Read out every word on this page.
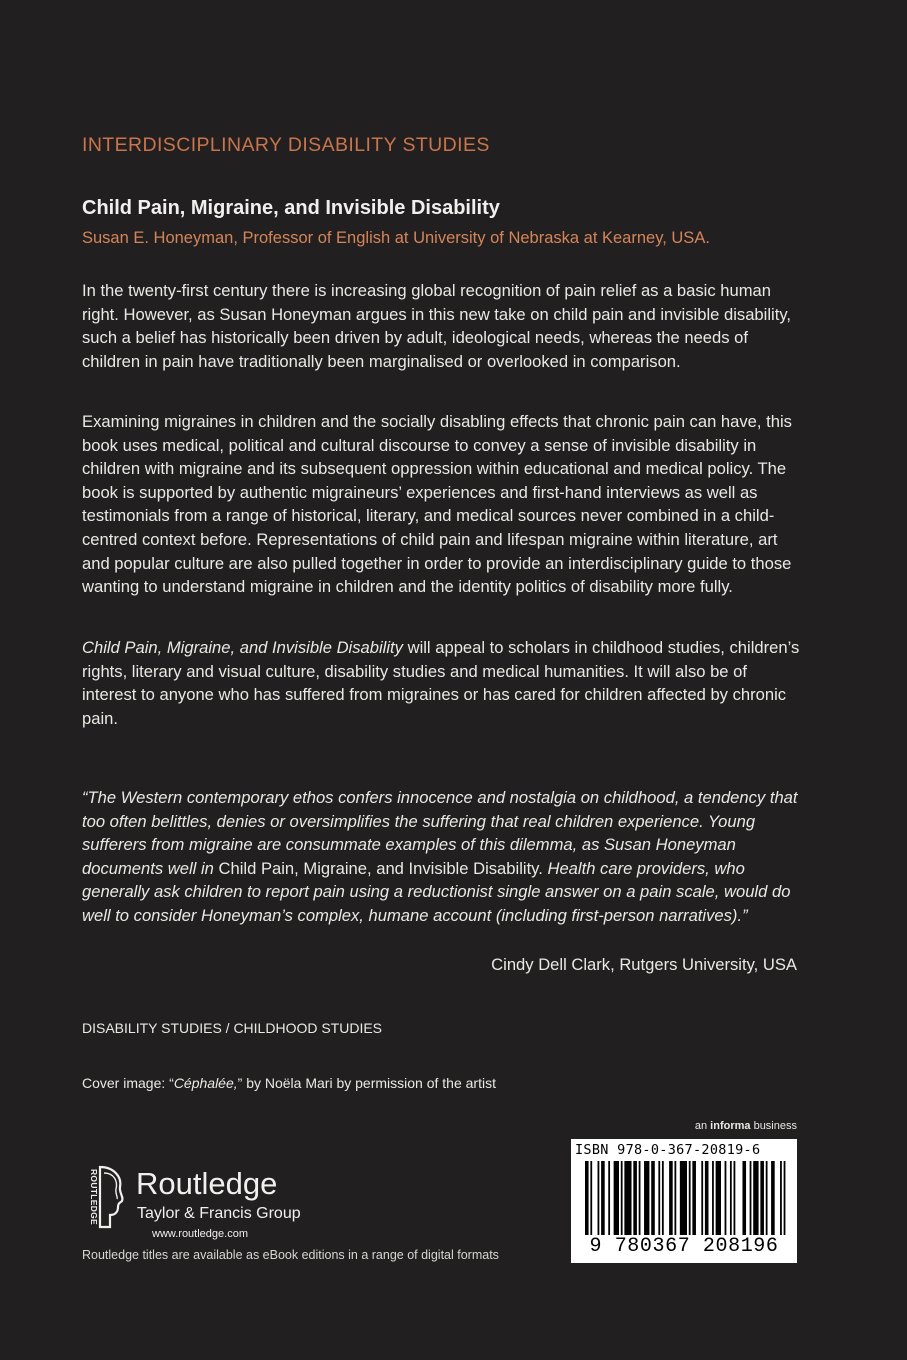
INTERDISCIPLINARY DISABILITY STUDIES
Child Pain, Migraine, and Invisible Disability
Susan E. Honeyman, Professor of English at University of Nebraska at Kearney, USA.

In the twenty-first century there is increasing global recognition of pain relief as a basic human right. However, as Susan Honeyman argues in this new take on child pain and invisible disability, such a belief has historically been driven by adult, ideological needs, whereas the needs of children in pain have traditionally been marginalised or overlooked in comparison.

Examining migraines in children and the socially disabling effects that chronic pain can have, this book uses medical, political and cultural discourse to convey a sense of invisible disability in children with migraine and its subsequent oppression within educational and medical policy. The book is supported by authentic migraineurs’ experiences and first-hand interviews as well as testimonials from a range of historical, literary, and medical sources never combined in a child-centred context before. Representations of child pain and lifespan migraine within literature, art and popular culture are also pulled together in order to provide an interdisciplinary guide to those wanting to understand migraine in children and the identity politics of disability more fully.

Child Pain, Migraine, and Invisible Disability will appeal to scholars in childhood studies, children’s rights, literary and visual culture, disability studies and medical humanities. It will also be of interest to anyone who has suffered from migraines or has cared for children affected by chronic pain.

“The Western contemporary ethos confers innocence and nostalgia on childhood, a tendency that too often belittles, denies or oversimplifies the suffering that real children experience. Young sufferers from migraine are consummate examples of this dilemma, as Susan Honeyman documents well in Child Pain, Migraine, and Invisible Disability. Health care providers, who generally ask children to report pain using a reductionist single answer on a pain scale, would do well to consider Honeyman’s complex, humane account (including first-person narratives).”
Cindy Dell Clark, Rutgers University, USA
DISABILITY STUDIES / CHILDHOOD STUDIES
Cover image: “Céphalée,” by Noëla Mari by permission of the artist
an informa business
ROUTLEDGE Routledge
Taylor & Francis Group
www.routledge.com
Routledge titles are available as eBook editions in a range of digital formats
ISBN 978-0-367-20819-6
9 780367 208196
